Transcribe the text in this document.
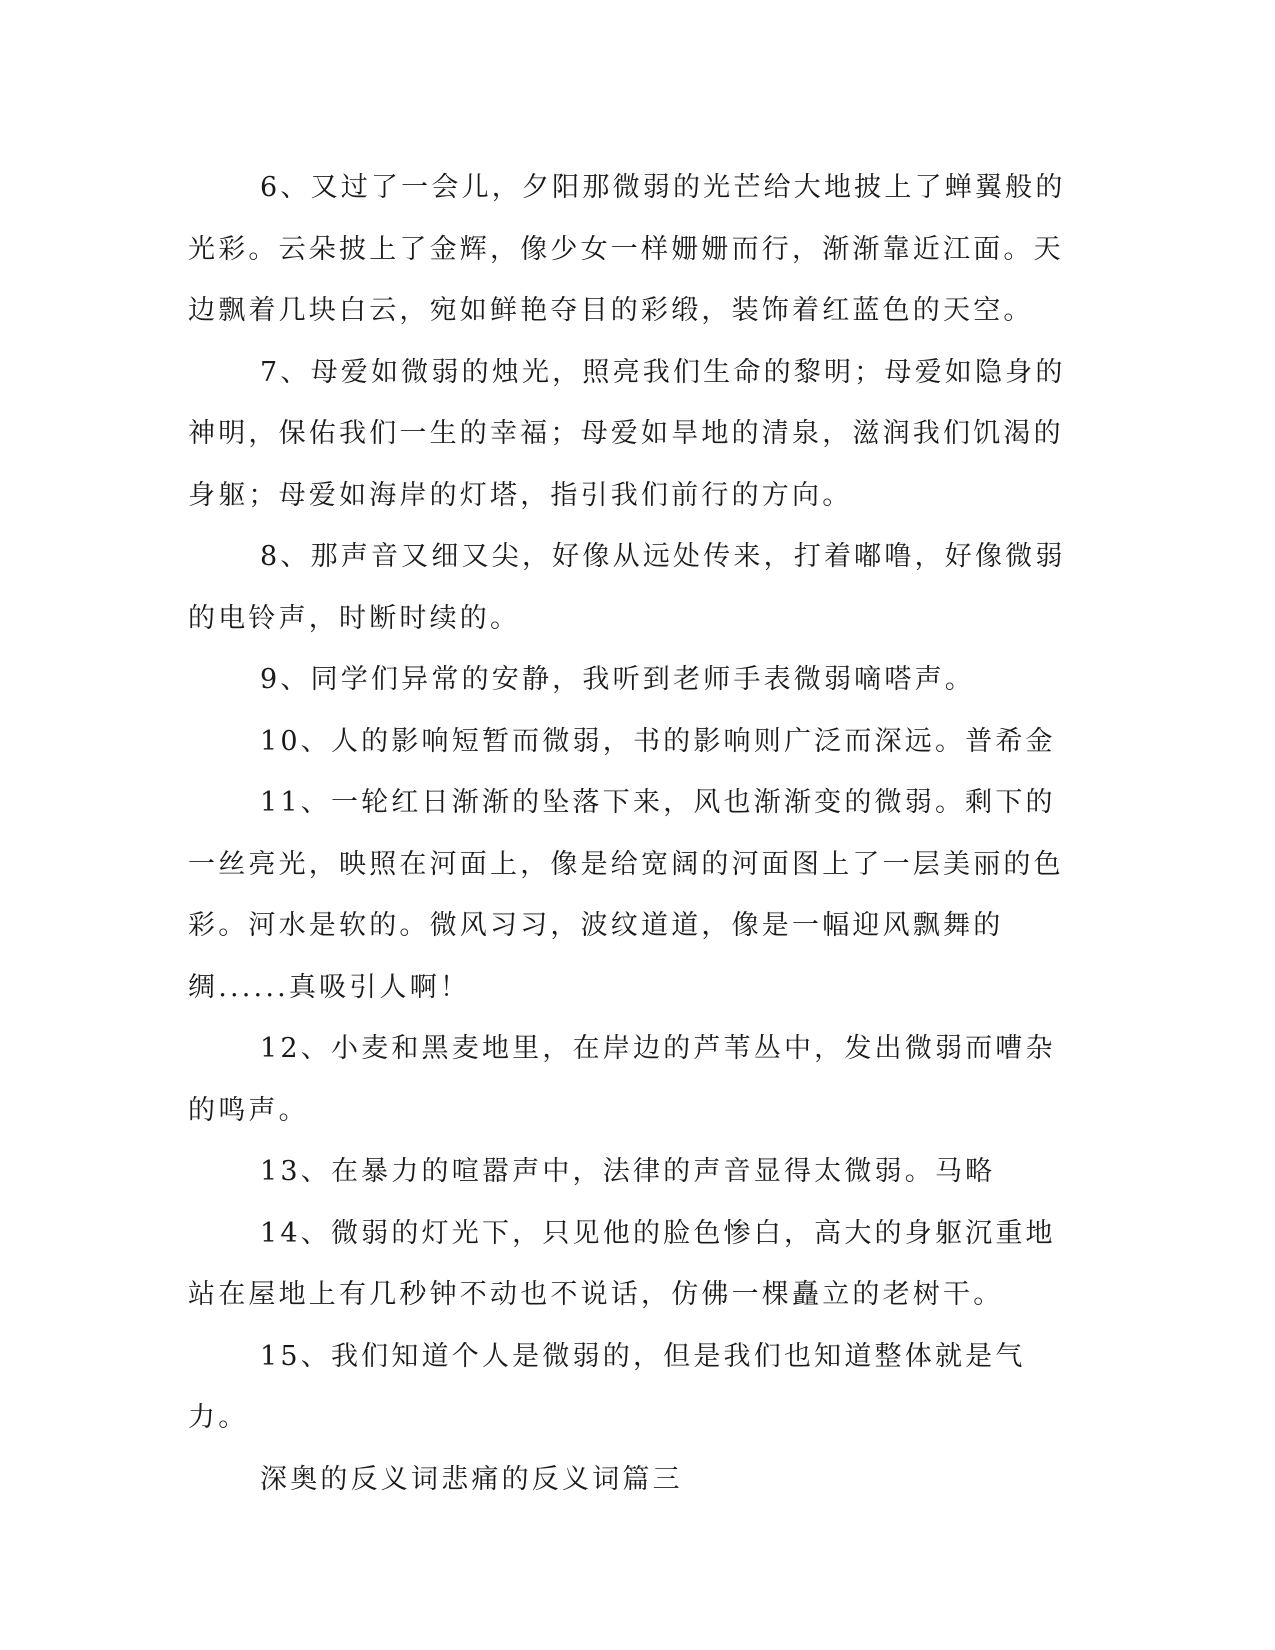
6、又过了一会儿，夕阳那微弱的光芒给大地披上了蝉翼般的光彩。云朵披上了金辉，像少女一样姗姗而行，渐渐靠近江面。天边飘着几块白云，宛如鲜艳夺目的彩缎，装饰着红蓝色的天空。

7、母爱如微弱的烛光，照亮我们生命的黎明；母爱如隐身的神明，保佑我们一生的幸福；母爱如旱地的清泉，滋润我们饥渴的身躯；母爱如海岸的灯塔，指引我们前行的方向。

8、那声音又细又尖，好像从远处传来，打着嘟噜，好像微弱的电铃声，时断时续的。

9、同学们异常的安静，我听到老师手表微弱嘀嗒声。

10、人的影响短暂而微弱，书的影响则广泛而深远。普希金

11、一轮红日渐渐的坠落下来，风也渐渐变的微弱。剩下的一丝亮光，映照在河面上，像是给宽阔的河面图上了一层美丽的色彩。河水是软的。微风习习，波纹道道，像是一幅迎风飘舞的绸......真吸引人啊！

12、小麦和黑麦地里，在岸边的芦苇丛中，发出微弱而嘈杂的鸣声。

13、在暴力的喧嚣声中，法律的声音显得太微弱。马略

14、微弱的灯光下，只见他的脸色惨白，高大的身躯沉重地站在屋地上有几秒钟不动也不说话，仿佛一棵矗立的老树干。

15、我们知道个人是微弱的，但是我们也知道整体就是气力。

深奥的反义词悲痛的反义词篇三
